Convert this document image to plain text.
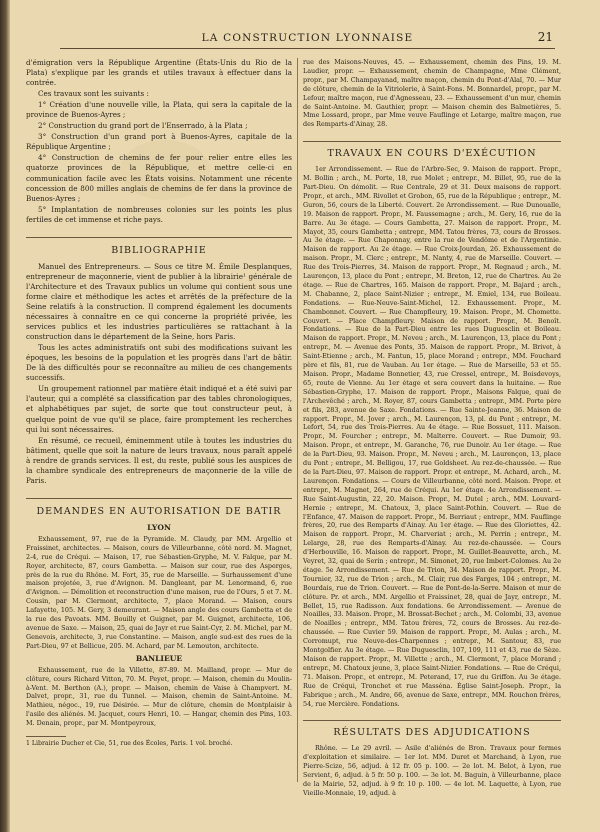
LA CONSTRUCTION LYONNAISE	21

d'émigration vers la République Argentine (États-Unis du Rio de la Plata) s'explique par les grands et utiles travaux à effectuer dans la contrée.

Ces travaux sont les suivants :

1° Création d'une nouvelle ville, la Plata, qui sera la capitale de la province de Buenos-Ayres ;

2° Construction du grand port de l'Enserrado, à la Plata ;

3° Construction d'un grand port à Buenos-Ayres, capitale de la République Argentine ;

4° Construction de chemins de fer pour relier entre elles les quatorze provinces de la République, et mettre celle-ci en communication facile avec les États voisins. Notamment une récente concession de 800 milles anglais de chemins de fer dans la province de Buenos-Ayres ;

5° Implantation de nombreuses colonies sur les points les plus fertiles de cet immense et riche pays.

BIBLIOGRAPHIE

Manuel des Entrepreneurs. — Sous ce titre M. Émile Desplanques, entrepreneur de maçonnerie, vient de publier à la librairie¹ générale de l'Architecture et des Travaux publics un volume qui contient sous une forme claire et méthodique les actes et arrêtés de la préfecture de la Seine relatifs à la construction. Il comprend également les documents nécessaires à connaître en ce qui concerne la propriété privée, les services publics et les industries particulières se rattachant à la construction dans le département de la Seine, hors Paris.

Tous les actes administratifs ont subi des modifications suivant les époques, les besoins de la population et les progrès dans l'art de bâtir. De là des difficultés pour se reconnaître au milieu de ces changements successifs.

Un groupement rationnel par matière était indiqué et a été suivi par l'auteur, qui a complété sa classification par des tables chronologiques, et alphabétiques par sujet, de sorte que tout constructeur peut, à quelque point de vue qu'il se place, faire promptement les recherches qui lui sont nécessaires.

En résumé, ce recueil, éminemment utile à toutes les industries du bâtiment, quelle que soit la nature de leurs travaux, nous paraît appelé à rendre de grands services. Il est, du reste, publié sous les auspices de la chambre syndicale des entrepreneurs de maçonnerie de la ville de Paris.

DEMANDES EN AUTORISATION DE BATIR
LYON

Exhaussement, 97, rue de la Pyramide. M. Claudy, par MM. Argellio et Fraissinet, architectes. — Maison, cours de Villeurbanne, côté nord. M. Magnet, 2-4, rue de Créqui. — Maison, 17, rue Sébastien-Gryphe, M. V. Falque, par M. Royer, architecte, 87, cours Gambetta. — Maison sur cour, rue des Asperges, près de la rue du Rhône. M. Fort, 35, rue de Marseille. — Surhaussement d'une maison projetée, 3, rue d'Avignon. M. Dangleant, par M. Lenormand, 6, rue d'Avignon. — Démolition et reconstruction d'une maison, rue de l'Ours, 5 et 7. M. Cousin, par M. Clermont, architecte, 7, place Morand. — Maison, cours Lafayette, 105. M. Gery, 3 demeurant. — Maison angle des cours Gambetta et de la rue des Pavoats. MM. Bouilly et Guignet, par M. Guignet, architecte, 106, avenue de Saxe. — Maison, 25, quai de Jayr et rue Saint-Cyr, 2. M. Michel, par M. Genevois, architecte, 3, rue Constantine. — Maison, angle sud-est des rues de la Part-Dieu, 97 et Bellicue, 205. M. Achard, par M. Lemouton, architecte.

BANLIEUE

Exhaussement, rue de la Villette, 87-89. M. Mailland, propr. — Mur de clôture, cours Richard Vitton, 70. M. Peyet, propr. — Maison, chemin du Moulin-à-Vent. M. Berthon (A.), propr. — Maison, chemin de Vaise à Champvert. M. Dalvet, propr., 31, rue du Tunnel. — Maison, chemin de Saint-Antoine. M. Mathieu, négoc., 19, rue Désirée. — Mur de clôture, chemin de Montplaisir à l'asile des aliénés. M. Jacquet, cours Henri, 10. — Hangar, chemin des Pins, 103. M. Denain, propr., par M. Montpeyroux,

1 Librairie Ducher et Cie, 51, rue des Écoles, Paris. 1 vol. broché.

rue des Maisons-Neuves, 45. — Exhaussement, chemin des Pins, 19. M. Laudier, propr. — Exhaussement, chemin de Champagne, Mme Clément, propr., par M. Champayanad, maître maçon, chemin du Pont-d'Alaï, 70. — Mur de clôture, chemin de la Vitriolerie, à Saint-Fons. M. Bonnardel, propr., par M. Lefour, maître maçon, rue d'Agnesseau, 23. — Exhaussement d'un mur, chemin de Saint-Antoine. M. Gauthier, propr. — Maison chemin des Balmetières, 5. Mme Lossard, propr., par Mme veuve Fauflinge et Letarge, maître maçon, rue des Remparts-d'Ainay, 28.

TRAVAUX EN COURS D'EXÉCUTION

1er Arrondissement. — Rue de l'Arbre-Sec, 9. Maison de rapport. Propr., M. Bollin ; arch., M. Porte, 18, rue Molet ; entrepr., M. Billet, 95, rue de la Part-Dieu. On démolit. — Rue Centrale, 29 et 31. Deux maisons de rapport. Propr., et arch., MM. Rivollet et Grobon, 65, rue de la République ; entrepr., M. Guron, 56, cours de la Liberté. Couvert. 2e Arrondissement. — Rue Dunoualle, 19. Maison de rapport. Propr., M. Faussemagne ; arch., M. Gery, 16, rue de la Barre. Au 3e étage. — Cours Gambetta, 27. Maison de rapport. Propr., M. Mayot, 35, cours Gambetta ; entrepr., MM. Tatou frères, 73, cours de Brosses. Au 3e étage. — Rue Chaponnay, entre la rue de Vendôme et de l'Argentinie. Maison de rapport. Au 2e étage. — Rue Croix-Jourdan, 26. Exhaussement de maison. Propr., M. Clerc ; entrepr., M. Nanty, 4, rue de Marseille. Couvert. — Rue des Trois-Pierres, 34. Maison de rapport. Propr., M. Regnaud ; arch., M. Laurençon, 13, place du Pont ; entrepr., M. Breton, 12, rue de Chartres. Au 2e étage. — Rue de Chartres, 165. Maison de rapport. Propr., M. Bajard ; arch., M. Chabanne, 2, place Saint-Nizier ; entrepr., M. Emiel, 134, rue Boileau. Fondations. — Rue-Neuve-Saint-Michel, 12. Exhaussement. Propr., M. Chambonnet. Couvert. — Rue Champfleury, 19. Maison. Propr., M. Chomette. Couvert. — Place Champfleury. Maison de rapport. Propr., M. Benoît. Fondations. — Rue de la Part-Dieu entre les rues Duguesclin et Boileau. Maison de rapport. Propr., M. Neveu ; arch., M. Laurençon, 13, place du Pont ; entrepr., M. — Avenue des Ponts, 35. Maison de rapport. Propr., M. Brivet, à Saint-Etienne ; arch., M. Fantun, 15, place Morand ; entrepr., MM. Fouchard père et fils, 81, rue de Vauban. Au 1er étage. — Rue de Marseille, 53 et 55. Maison. Propr., Madame Bonnetier, 43, rue Cressel, entrepr., M. Boisdevoys, 65, route de Vienne. Au 1er étage et sera couvert dans la huitaine. — Rue Sébastien-Gryphe, 17. Maison de rapport. Propr., Maisons Falque, quai de l'Archevêché ; arch., M. Royer, 87, cours Gambetta ; entrepr., MM. Porte père et fils, 283, avenue de Saxe. Fondations. — Rue Sainte-Jeanne, 36. Maison de rapport. Propr., M. Jover ; arch., M. Laurençon, 13, pl. du Pont ; entrepr., M. Lefort, 54, rue des Trois-Pierres. Au 4e étage. — Rue Bossuet, 111. Maison. Propr., M. Fourcher ; entrepr., M. Malterre. Couvert. — Rue Dumoir, 93. Maison. Propr., et entrepr., M. Garanche, 76, rue Dunoir. Au 1er étage. — Rue de la Part-Dieu, 93. Maison. Propr., M. Neveu ; arch., M. Laurençon, 13, place du Pont ; entrepr., M. Belligou, 17, rue Goldsheet. Au rez-de-chaussée. — Rue de la Part-Dieu, 97. Maison de rapport. Propr. et entrepr., M. Achard, arch., M. Laurençon. Fondations. — Cours de Villeurbanne, côté nord. Maison. Propr. et entrepr., M. Magnet, 264, rue de Créqui. Au 1er étage. 4e Arrondissement. — Rue Saint-Augustin, 22, 20. Maison. Propr., M. Dutel ; arch., MM. Louvard-Hernie ; entrepr., M. Chatoux, 3, place Saint-Pothin. Couvert. — Rue de l'Enfance, 47. Maison de rapport. Propr., M. Berriaut ; entrepr., MM. Fauflinge frères, 20, rue des Remparts d'Ainay. Au 1er étage. — Rue des Gloriettes, 42. Maison de rapport. Propr., M. Charveriat ; arch., M. Perrin ; entrepr., M. Lelarge, 28, rue des Remparts-d'Ainay. Au rez-de-chaussée. — Cours d'Herbouville, 16. Maison de rapport. Propr., M. Guillet-Beauvette, arch., M. Veyret, 32, quai de Serin ; entrepr., M. Simonet, 20, rue Imbert-Colomes. Au 2e étage. 5e Arrondissement. — Rue de Trion, 34. Maison de rapport. Propr., M. Tournier, 32, rue de Trion ; arch., M. Clair, rue des Farges, 104 ; entrepr., M. Bourdais, rue de Trion. Couvert. — Rue de Pont-de-la-Serre. Maison et mur de clôture. Pr. et arch., MM. Argellio et Fraissinet, 28, quai de Jayr, entrepr., M. Bellet, 15, rue Radisson. Aux fondations. 6e Arrondissement. — Avenue de Noailles, 33. Maison. Propr., M. Brossat-Bechet ; arch., M. Colombi, 33, avenue de Noailles ; entrepr., MM. Tatou frères, 72, cours de Brosses. Au rez-de-chaussée. — Rue Cuvier 59. Maison de rapport. Propr., M. Aulas ; arch., M. Corromupt, rue Neuve-des-Charpennes ; entrepr., M. Santour, 83, rue Montgolfier. Au 3e étage. — Rue Duguesclin, 107, 109, 111 et 43, rue de Sèze. Maison de rapport. Propr., M. Villette ; arch., M. Clermont, 7, place Morand ; entrepr., M. Chatoux jeune, 3, place Saint-Nizier. Fondations. — Rue de Créqui, 71. Maison. Propr., et entrepr., M. Peterand, 17, rue du Griffon. Au 3e étage. Rue de Créqui, Tronchet et rue Masséna. Église Saint-Joseph. Propr., la Fabrique ; arch., M. Andre, 66, avenue de Saxe, entrepr., MM. Rouchon frères, 54, rue Mercière. Fondations.

RÉSULTATS DES ADJUDICATIONS

Rhône. — Le 29 avril. — Asile d'aliénés de Bron. Travaux pour fermes d'exploitation et similaire. — 1er lot. MM. Duret et Marchand, à Lyon, rue Pierre-Scize, 56, adjud. à 12 fr. 05 p. 100. — 2e lot. M. Belot, à Lyon, rue Servient, 6, adjud. à 5 fr. 50 p. 100. — 3e lot. M. Baguin, à Villeurbanne, place de la Mairie, 52, adjud. à 9 fr. 10 p. 100. — 4e lot. M. Laquette, à Lyon, rue Vieille-Monnaie, 19, adjud. à
